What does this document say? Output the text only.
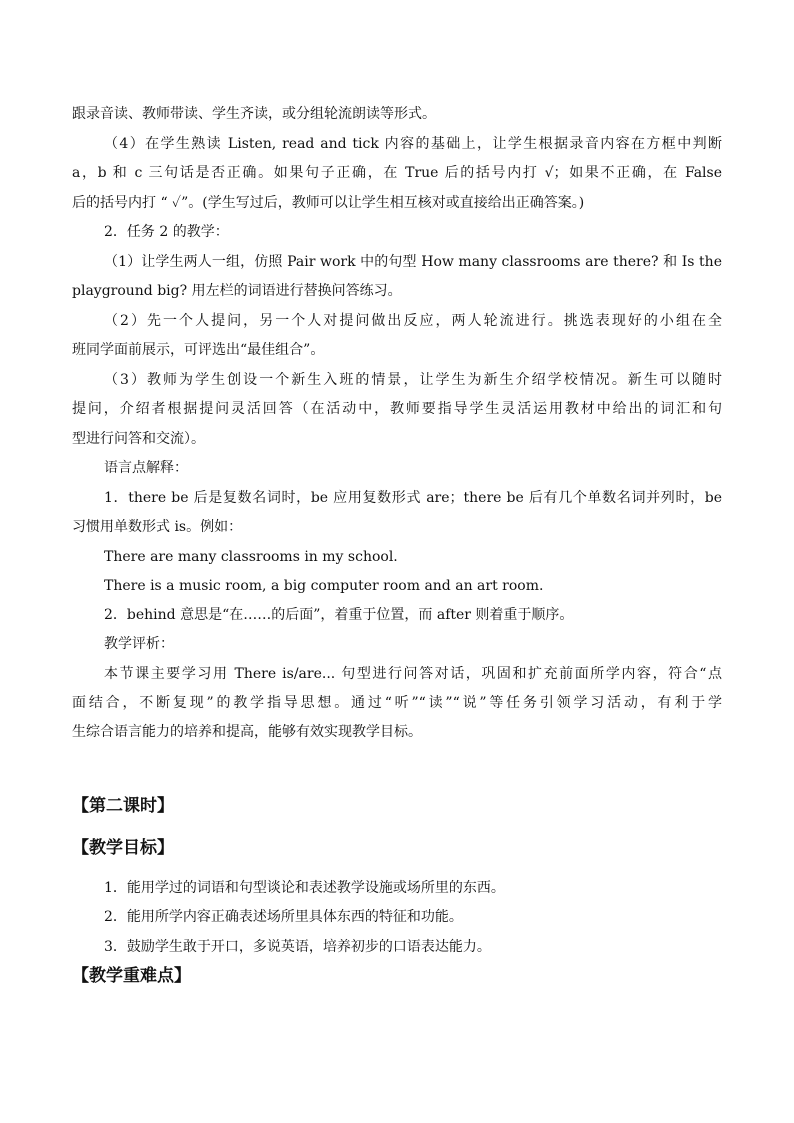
跟录音读、教师带读、学生齐读，或分组轮流朗读等形式。
（4）在学生熟读 Listen, read and tick 内容的基础上，让学生根据录音内容在方框中判断
a，b 和 c 三句话是否正确。如果句子正确，在 True 后的括号内打 √；如果不正确，在 False
后的括号内打 “ ✓”。(学生写过后，教师可以让学生相互核对或直接给出正确答案。)
2．任务 2 的教学：
（1）让学生两人一组，仿照 Pair work 中的句型 How many classrooms are there? 和 Is the
playground big? 用左栏的词语进行替换问答练习。
（2）先一个人提问，另一个人对提问做出反应，两人轮流进行。挑选表现好的小组在全
班同学面前展示，可评选出“最佳组合”。
（3）教师为学生创设一个新生入班的情景，让学生为新生介绍学校情况。新生可以随时
提问，介绍者根据提问灵活回答（在活动中，教师要指导学生灵活运用教材中给出的词汇和句
型进行问答和交流）。
语言点解释：
1．there be 后是复数名词时，be 应用复数形式 are；there be 后有几个单数名词并列时，be
习惯用单数形式 is。例如：
There are many classrooms in my school.
There is a music room, a big computer room and an art room.
2．behind 意思是“在……的后面”，着重于位置，而 after 则着重于顺序。
教学评析：
本节课主要学习用 There is/are... 句型进行问答对话，巩固和扩充前面所学内容，符合“点
面结合，不断复现”的教学指导思想。通过“听”“读”“说”等任务引领学习活动，有利于学
生综合语言能力的培养和提高，能够有效实现教学目标。
【第二课时】
【教学目标】
1．能用学过的词语和句型谈论和表述教学设施或场所里的东西。
2．能用所学内容正确表述场所里具体东西的特征和功能。
3．鼓励学生敢于开口，多说英语，培养初步的口语表达能力。
【教学重难点】
